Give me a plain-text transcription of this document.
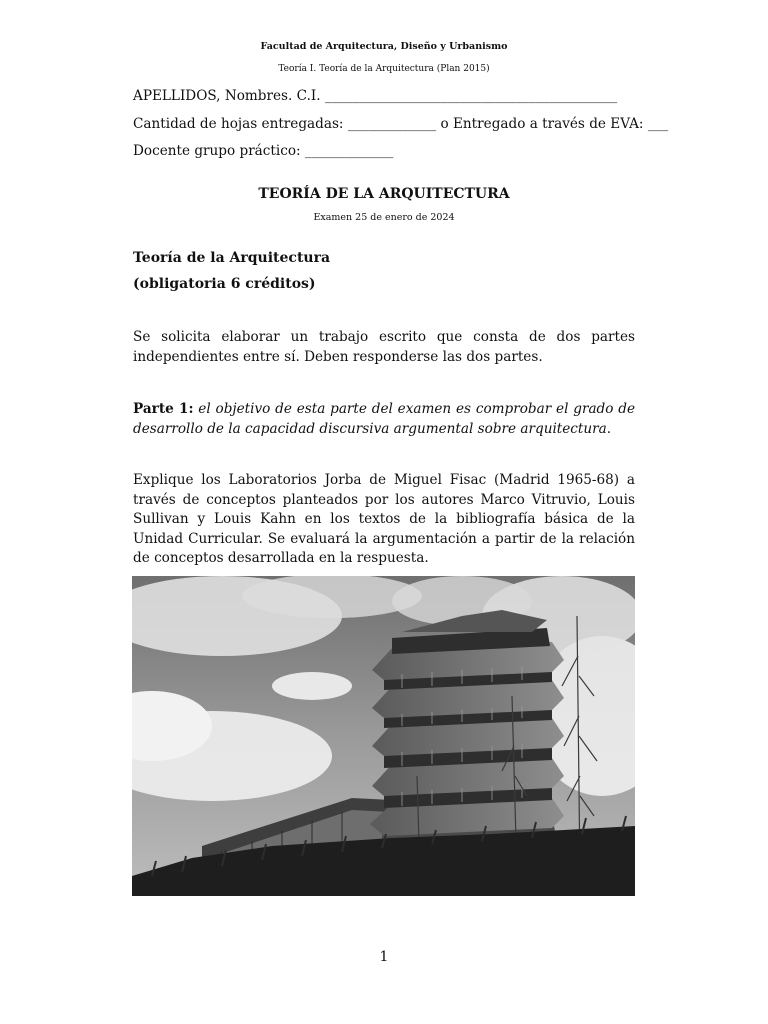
Facultad de Arquitectura, Diseño y Urbanismo
Teoría I. Teoría de la Arquitectura (Plan 2015)
APELLIDOS, Nombres. C.I. ___________________________________________
Cantidad de hojas entregadas: _____________ o Entregado a través de EVA: ___
Docente grupo práctico: _____________
TEORÍA DE LA ARQUITECTURA
Examen 25 de enero de 2024
Teoría de la Arquitectura
(obligatoria 6 créditos)
Se solicita elaborar un trabajo escrito que consta de dos partes independientes entre sí. Deben responderse las dos partes.
Parte 1: el objetivo de esta parte del examen es comprobar el grado de desarrollo de la capacidad discursiva argumental sobre arquitectura.
Explique los Laboratorios Jorba de Miguel Fisac (Madrid 1965-68) a través de conceptos planteados por los autores Marco Vitruvio, Louis Sullivan y Louis Kahn en los textos de la bibliografía básica de la Unidad Curricular. Se evaluará la argumentación a partir de la relación de conceptos desarrollada en la respuesta.
1
